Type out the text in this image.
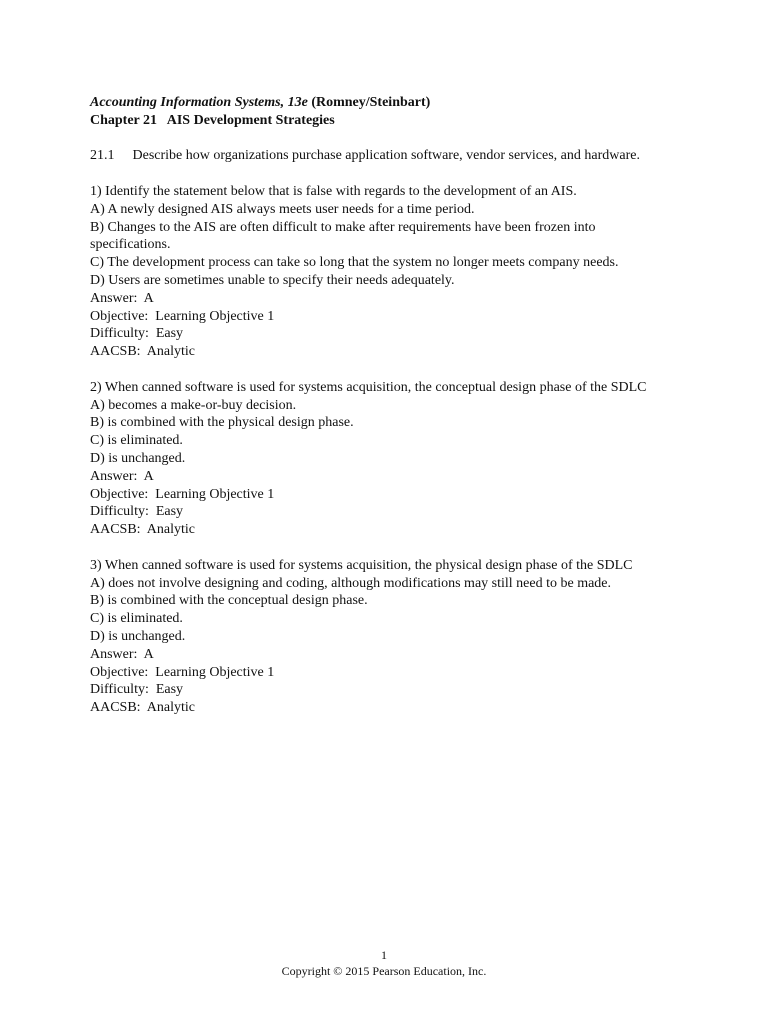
Accounting Information Systems, 13e (Romney/Steinbart)
Chapter 21   AIS Development Strategies
21.1 Describe how organizations purchase application software, vendor services, and hardware.
1) Identify the statement below that is false with regards to the development of an AIS.
A) A newly designed AIS always meets user needs for a time period.
B) Changes to the AIS are often difficult to make after requirements have been frozen into specifications.
C) The development process can take so long that the system no longer meets company needs.
D) Users are sometimes unable to specify their needs adequately.
Answer:  A
Objective:  Learning Objective 1
Difficulty:  Easy
AACSB:  Analytic
2) When canned software is used for systems acquisition, the conceptual design phase of the SDLC
A) becomes a make-or-buy decision.
B) is combined with the physical design phase.
C) is eliminated.
D) is unchanged.
Answer:  A
Objective:  Learning Objective 1
Difficulty:  Easy
AACSB:  Analytic
3) When canned software is used for systems acquisition, the physical design phase of the SDLC
A) does not involve designing and coding, although modifications may still need to be made.
B) is combined with the conceptual design phase.
C) is eliminated.
D) is unchanged.
Answer:  A
Objective:  Learning Objective 1
Difficulty:  Easy
AACSB:  Analytic
1
Copyright © 2015 Pearson Education, Inc.
